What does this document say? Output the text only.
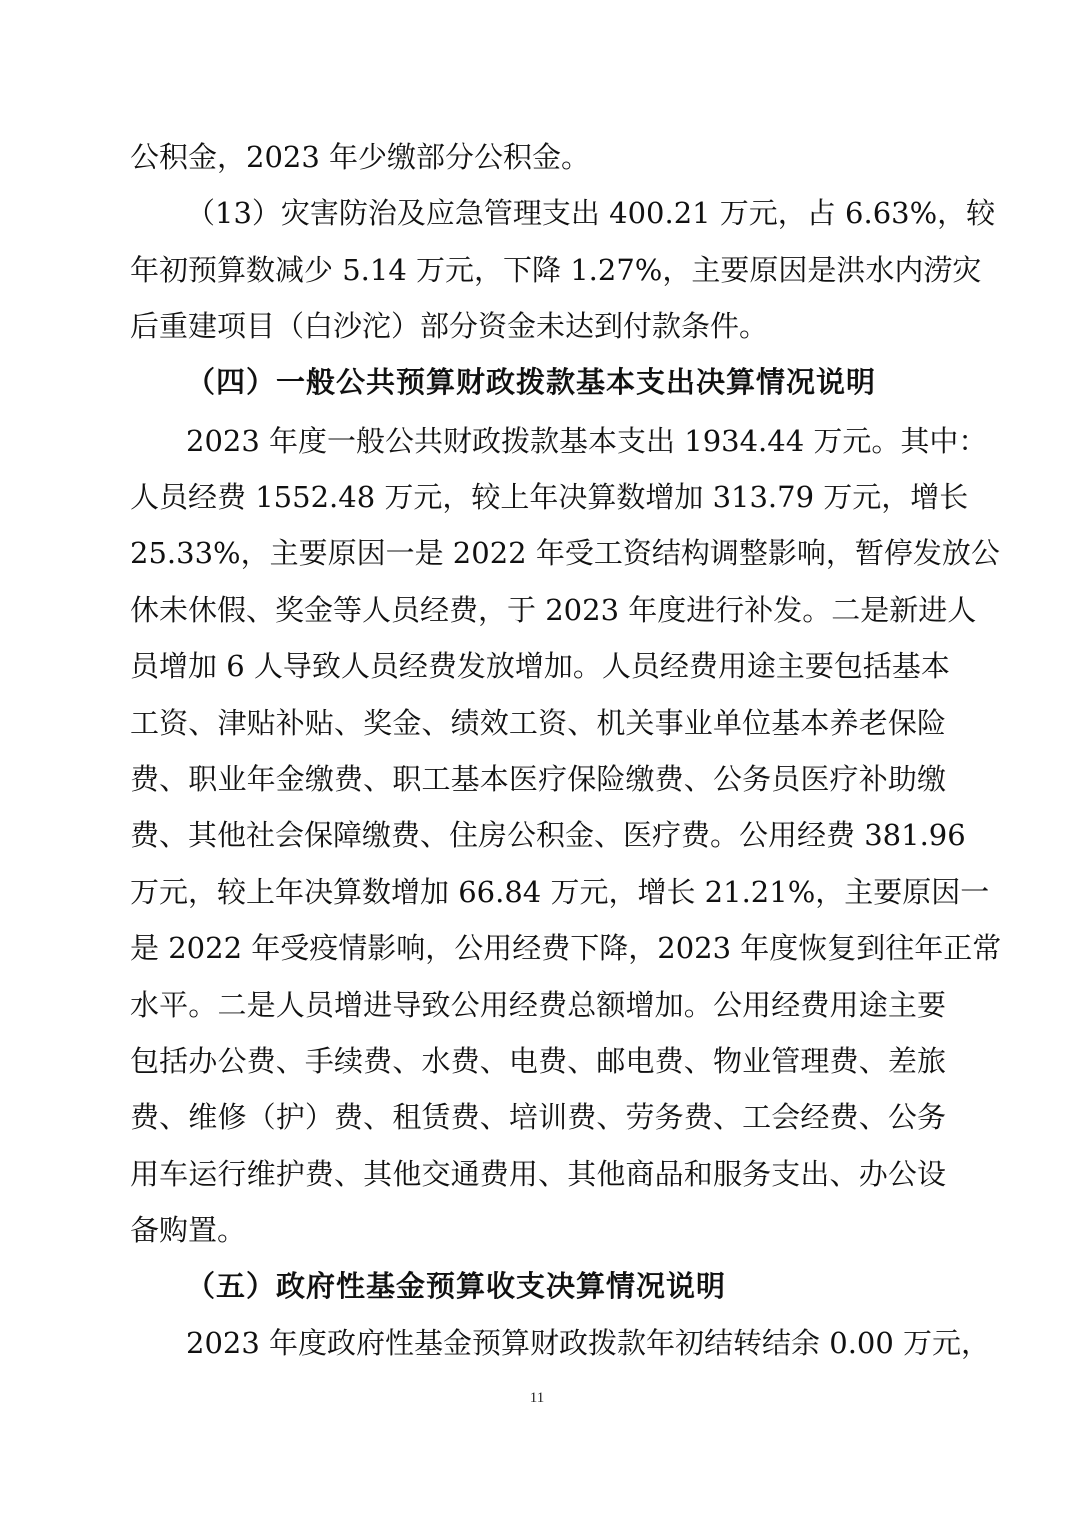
公积金，2023 年少缴部分公积金。
（13）灾害防治及应急管理支出 400.21 万元，占 6.63%，较
年初预算数减少 5.14 万元，下降 1.27%，主要原因是洪水内涝灾
后重建项目（白沙沱）部分资金未达到付款条件。
（四）一般公共预算财政拨款基本支出决算情况说明
2023 年度一般公共财政拨款基本支出 1934.44 万元。其中：
人员经费 1552.48 万元，较上年决算数增加 313.79 万元，增长
25.33%，主要原因一是 2022 年受工资结构调整影响，暂停发放公
休未休假、奖金等人员经费，于 2023 年度进行补发。二是新进人
员增加 6 人导致人员经费发放增加。人员经费用途主要包括基本
工资、津贴补贴、奖金、绩效工资、机关事业单位基本养老保险
费、职业年金缴费、职工基本医疗保险缴费、公务员医疗补助缴
费、其他社会保障缴费、住房公积金、医疗费。公用经费 381.96
万元，较上年决算数增加 66.84 万元，增长 21.21%，主要原因一
是 2022 年受疫情影响，公用经费下降，2023 年度恢复到往年正常
水平。二是人员增进导致公用经费总额增加。公用经费用途主要
包括办公费、手续费、水费、电费、邮电费、物业管理费、差旅
费、维修（护）费、租赁费、培训费、劳务费、工会经费、公务
用车运行维护费、其他交通费用、其他商品和服务支出、办公设
备购置。
（五）政府性基金预算收支决算情况说明
2023 年度政府性基金预算财政拨款年初结转结余 0.00 万元，
11
